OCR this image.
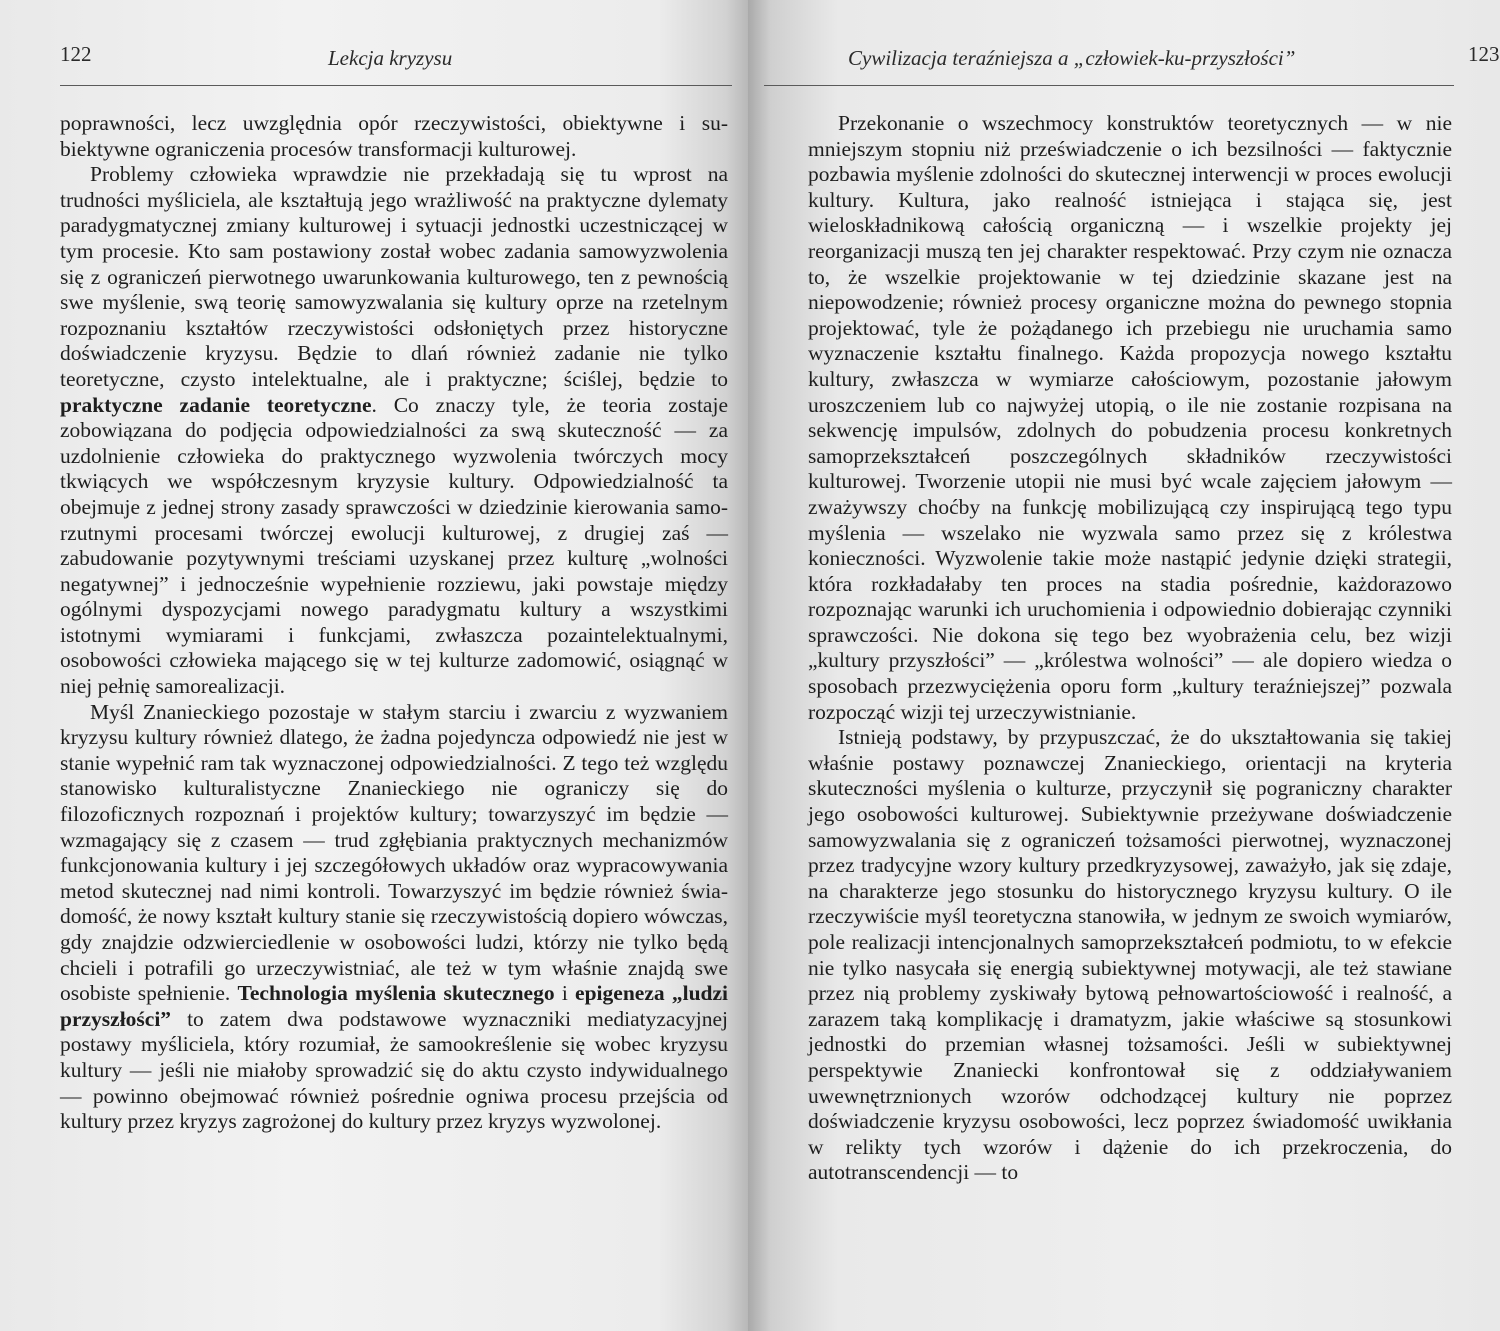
122	Lekcja kryzysu

poprawności, lecz uwzględnia opór rzeczywistości, obiektywne i subiektywne ograniczenia procesów transformacji kulturowej.

Problemy człowieka wprawdzie nie przekładają się tu wprost na trudności myśliciela, ale kształtują jego wrażliwość na praktyczne dylematy paradygmatycznej zmiany kulturowej i sytuacji jednostki uczestniczącej w tym procesie. Kto sam postawiony został wobec zadania samowyzwolenia się z ograniczeń pierwotnego uwarunkowania kulturowego, ten z pewnością swe myślenie, swą teorię samowyzwalania się kultury oprze na rzetelnym rozpoznaniu kształtów rzeczywistości odsłoniętych przez historyczne doświadczenie kryzysu. Będzie to dlań również zadanie nie tylko teoretyczne, czysto intelektualne, ale i praktyczne; ściślej, będzie to praktyczne zadanie teoretyczne. Co znaczy tyle, że teoria zostaje zobowiązana do podjęcia odpowiedzialności za swą skuteczność — za uzdolnienie człowieka do praktycznego wyzwolenia twórczych mocy tkwiących we współczesnym kryzysie kultury. Odpowiedzialność ta obejmuje z jednej strony zasady sprawczości w dziedzinie kierowania samorzutnymi procesami twórczej ewolucji kulturowej, z drugiej zaś — zabudowanie pozytywnymi treściami uzyskanej przez kulturę „wolności negatywnej” i jednocześnie wypełnienie rozziewu, jaki powstaje między ogólnymi dyspozycjami nowego paradygmatu kultury a wszystkimi istotnymi wymiarami i funkcjami, zwłaszcza pozaintelektualnymi, osobowości człowieka mającego się w tej kulturze zadomowić, osiągnąć w niej pełnię samorealizacji.

Myśl Znanieckiego pozostaje w stałym starciu i zwarciu z wyzwaniem kryzysu kultury również dlatego, że żadna pojedyncza odpowiedź nie jest w stanie wypełnić ram tak wyznaczonej odpowiedzialności. Z tego też względu stanowisko kulturalistyczne Znanieckiego nie ograniczy się do filozoficznych rozpoznań i projektów kultury; towarzyszyć im będzie — wzmagający się z czasem — trud zgłębiania praktycznych mechanizmów funkcjonowania kultury i jej szczegółowych układów oraz wypracowywania metod skutecznej nad nimi kontroli. Towarzyszyć im będzie również świadomość, że nowy kształt kultury stanie się rzeczywistością dopiero wówczas, gdy znajdzie odzwierciedlenie w osobowości ludzi, którzy nie tylko będą chcieli i potrafili go urzeczywistniać, ale też w tym właśnie znajdą swe osobiste spełnienie. Technologia myślenia skutecznego i epigeneza „ludzi przyszłości” to zatem dwa podstawowe wyznaczniki mediatyzacyjnej postawy myśliciela, który rozumiał, że samookreślenie się wobec kryzysu kultury — jeśli nie miałoby sprowadzić się do aktu czysto indywidualnego — powinno obejmować również pośrednie ogniwa procesu przejścia od kultury przez kryzys zagrożonej do kultury przez kryzys wyzwolonej.

Cywilizacja teraźniejsza a „człowiek-ku-przyszłości”	123

Przekonanie o wszechmocy konstruktów teoretycznych — w nie mniejszym stopniu niż przeświadczenie o ich bezsilności — faktycznie pozbawia myślenie zdolności do skutecznej interwencji w proces ewolucji kultury. Kultura, jako realność istniejąca i stająca się, jest wieloskładnikową całością organiczną — i wszelkie projekty jej reorganizacji muszą ten jej charakter respektować. Przy czym nie oznacza to, że wszelkie projektowanie w tej dziedzinie skazane jest na niepowodzenie; również procesy organiczne można do pewnego stopnia projektować, tyle że pożądanego ich przebiegu nie uruchamia samo wyznaczenie kształtu finalnego. Każda propozycja nowego kształtu kultury, zwłaszcza w wymiarze całościowym, pozostanie jałowym uroszczeniem lub co najwyżej utopią, o ile nie zostanie rozpisana na sekwencję impulsów, zdolnych do pobudzenia procesu konkretnych samoprzekształceń poszczególnych składników rzeczywistości kulturowej. Tworzenie utopii nie musi być wcale zajęciem jałowym — zważywszy choćby na funkcję mobilizującą czy inspirującą tego typu myślenia — wszelako nie wyzwala samo przez się z królestwa konieczności. Wyzwolenie takie może nastąpić jedynie dzięki strategii, która rozkładałaby ten proces na stadia pośrednie, każdorazowo rozpoznając warunki ich uruchomienia i odpowiednio dobierając czynniki sprawczości. Nie dokona się tego bez wyobrażenia celu, bez wizji „kultury przyszłości” — „królestwa wolności” — ale dopiero wiedza o sposobach przezwyciężenia oporu form „kultury teraźniejszej” pozwala rozpocząć wizji tej urzeczywistnianie.

Istnieją podstawy, by przypuszczać, że do ukształtowania się takiej właśnie postawy poznawczej Znanieckiego, orientacji na kryteria skuteczności myślenia o kulturze, przyczynił się pograniczny charakter jego osobowości kulturowej. Subiektywnie przeżywane doświadczenie samowyzwalania się z ograniczeń tożsamości pierwotnej, wyznaczonej przez tradycyjne wzory kultury przedkryzysowej, zaważyło, jak się zdaje, na charakterze jego stosunku do historycznego kryzysu kultury. O ile rzeczywiście myśl teoretyczna stanowiła, w jednym ze swoich wymiarów, pole realizacji intencjonalnych samoprzekształceń podmiotu, to w efekcie nie tylko nasycała się energią subiektywnej motywacji, ale też stawiane przez nią problemy zyskiwały bytową pełnowartościowość i realność, a zarazem taką komplikację i dramatyzm, jakie właściwe są stosunkowi jednostki do przemian własnej tożsamości. Jeśli w subiektywnej perspektywie Znaniecki konfrontował się z oddziaływaniem uwewnętrznionych wzorów odchodzącej kultury nie poprzez doświadczenie kryzysu osobowości, lecz poprzez świadomość uwikłania w relikty tych wzorów i dążenie do ich przekroczenia, do autotranscendencji — to
